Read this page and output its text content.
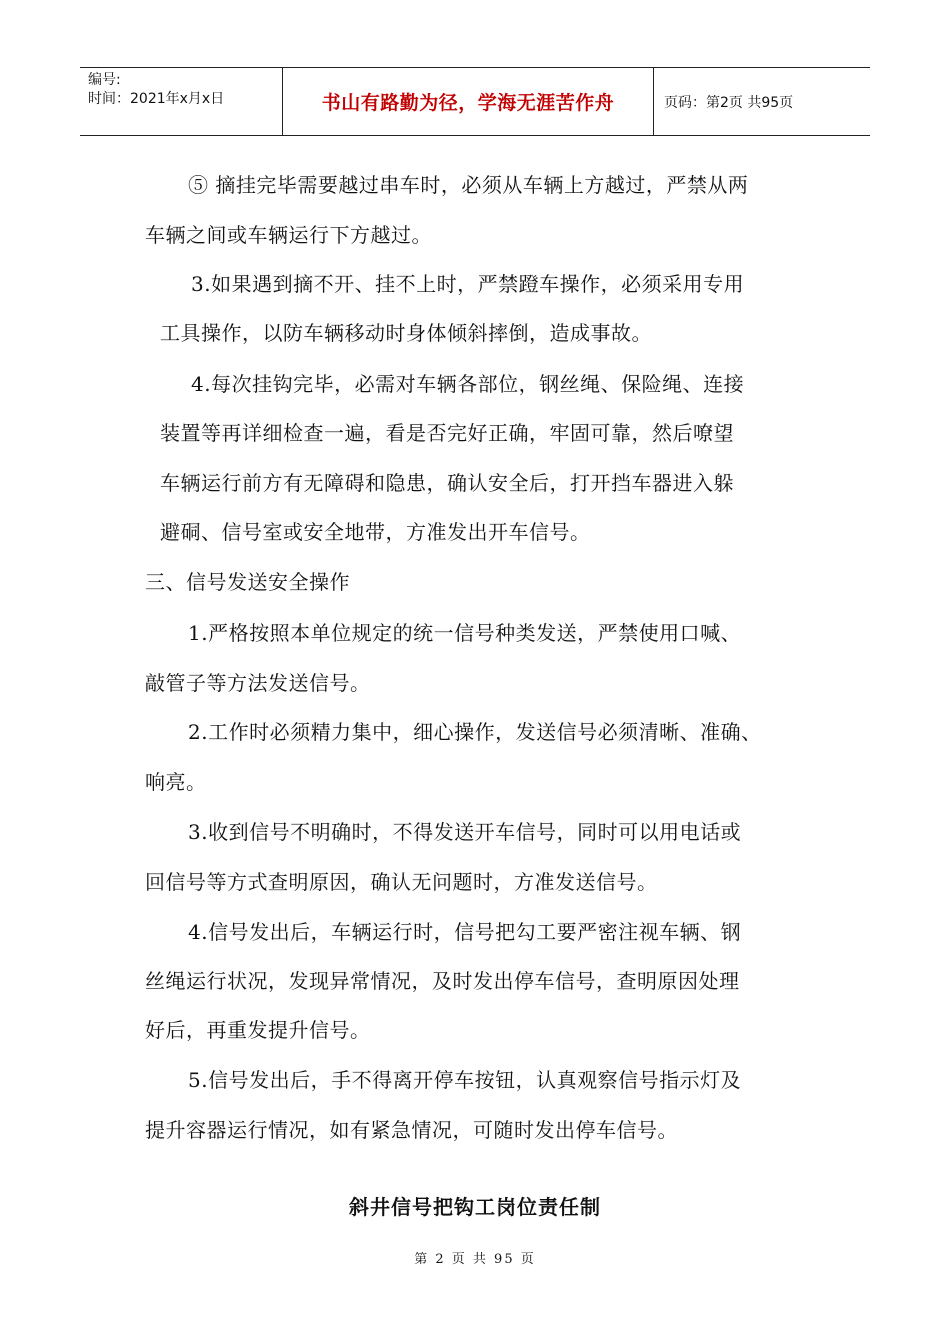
编号:
时间：2021年x月x日	书山有路勤为径，学海无涯苦作舟	页码：第2页 共95页
⑤ 摘挂完毕需要越过串车时，必须从车辆上方越过，严禁从两
车辆之间或车辆运行下方越过。
3.如果遇到摘不开、挂不上时，严禁蹬车操作，必须采用专用
工具操作，以防车辆移动时身体倾斜摔倒，造成事故。
4.每次挂钩完毕，必需对车辆各部位，钢丝绳、保险绳、连接
装置等再详细检查一遍，看是否完好正确，牢固可靠，然后嘹望
车辆运行前方有无障碍和隐患，确认安全后，打开挡车器进入躲
避硐、信号室或安全地带，方准发出开车信号。
三、信号发送安全操作
1.严格按照本单位规定的统一信号种类发送，严禁使用口喊、
敲管子等方法发送信号。
2.工作时必须精力集中，细心操作，发送信号必须清晰、准确、
响亮。
3.收到信号不明确时，不得发送开车信号，同时可以用电话或
回信号等方式查明原因，确认无问题时，方准发送信号。
4.信号发出后，车辆运行时，信号把勾工要严密注视车辆、钢
丝绳运行状况，发现异常情况，及时发出停车信号，查明原因处理
好后，再重发提升信号。
5.信号发出后，手不得离开停车按钮，认真观察信号指示灯及
提升容器运行情况，如有紧急情况，可随时发出停车信号。
斜井信号把钩工岗位责任制
第 2 页 共 95 页
